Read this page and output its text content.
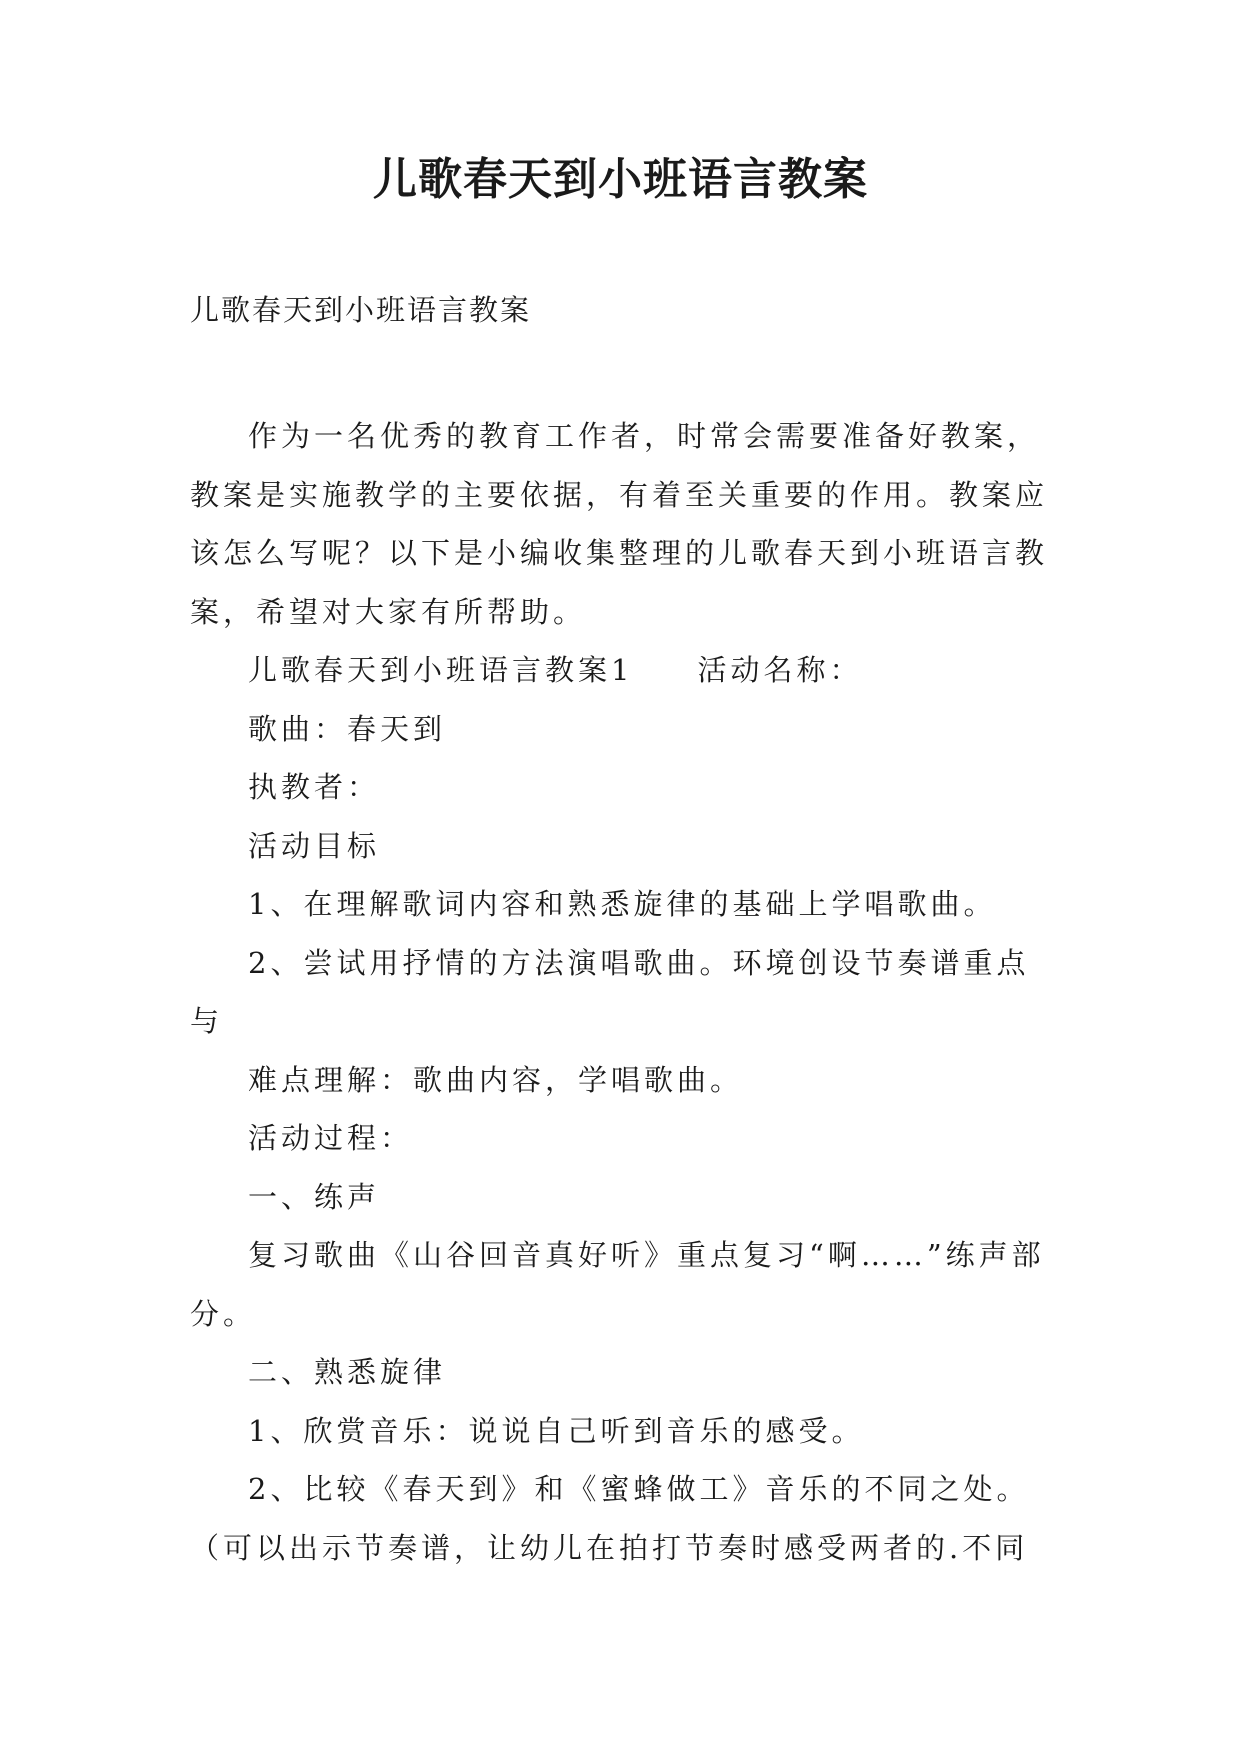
儿歌春天到小班语言教案
儿歌春天到小班语言教案

作为一名优秀的教育工作者，时常会需要准备好教案，教案是实施教学的主要依据，有着至关重要的作用。教案应该怎么写呢？以下是小编收集整理的儿歌春天到小班语言教案，希望对大家有所帮助。

儿歌春天到小班语言教案1 活动名称：

歌曲：春天到

执教者：

活动目标

1、在理解歌词内容和熟悉旋律的基础上学唱歌曲。

2、尝试用抒情的方法演唱歌曲。环境创设节奏谱重点与

难点理解：歌曲内容，学唱歌曲。

活动过程：

一、练声

复习歌曲《山谷回音真好听》重点复习“啊……”练声部分。

二、熟悉旋律

1、欣赏音乐：说说自己听到音乐的感受。

2、比较《春天到》和《蜜蜂做工》音乐的不同之处。（可以出示节奏谱，让幼儿在拍打节奏时感受两者的.不同
